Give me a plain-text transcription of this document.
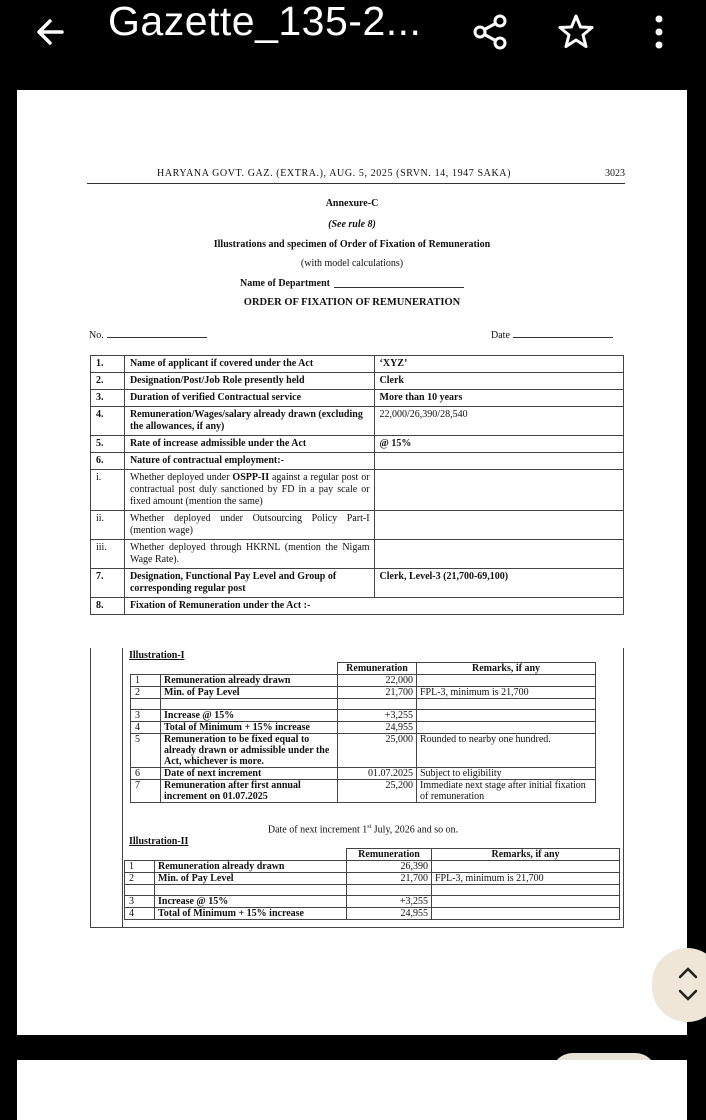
Gazette_135-2...
HARYANA GOVT. GAZ. (EXTRA.), AUG. 5, 2025 (SRVN. 14, 1947 SAKA)	3023
Annexure-C
(See rule 8)
Illustrations and specimen of Order of Fixation of Remuneration
(with model calculations)
Name of Department
ORDER OF FIXATION OF REMUNERATION
No.	Date
1.	Name of applicant if covered under the Act	‘XYZ’
2.	Designation/Post/Job Role presently held	Clerk
3.	Duration of verified Contractual service	More than 10 years
4.	Remuneration/Wages/salary already drawn (excluding the allowances, if any)	22,000/26,390/28,540
5.	Rate of increase admissible under the Act	@ 15%
6.	Nature of contractual employment:-	
i.	Whether deployed under OSPP-II against a regular post or contractual post duly sanctioned by FD in a pay scale or fixed amount (mention the same)	
ii.	Whether deployed under Outsourcing Policy Part-I (mention wage)	
iii.	Whether deployed through HKRNL (mention the Nigam Wage Rate).	
7.	Designation, Functional Pay Level and Group of corresponding regular post	Clerk, Level-3 (21,700-69,100)
8.	Fixation of Remuneration under the Act :-	
Illustration-I
		Remuneration	Remarks, if any
1	Remuneration already drawn	22,000	
2	Min. of Pay Level	21,700	FPL-3, minimum is 21,700

3	Increase @ 15%	+3,255	
4	Total of Minimum + 15% increase	24,955	
5	Remuneration to be fixed equal to already drawn or admissible under the Act, whichever is more.	25,000	Rounded to nearby one hundred.
6	Date of next increment	01.07.2025	Subject to eligibility
7	Remuneration after first annual increment on 01.07.2025	25,200	Immediate next stage after initial fixation of remuneration
Date of next increment 1st July, 2026 and so on.
Illustration-II
		Remuneration	Remarks, if any
1	Remuneration already drawn	26,390	
2	Min. of Pay Level	21,700	FPL-3, minimum is 21,700

3	Increase @ 15%	+3,255	
4	Total of Minimum + 15% increase	24,955	
